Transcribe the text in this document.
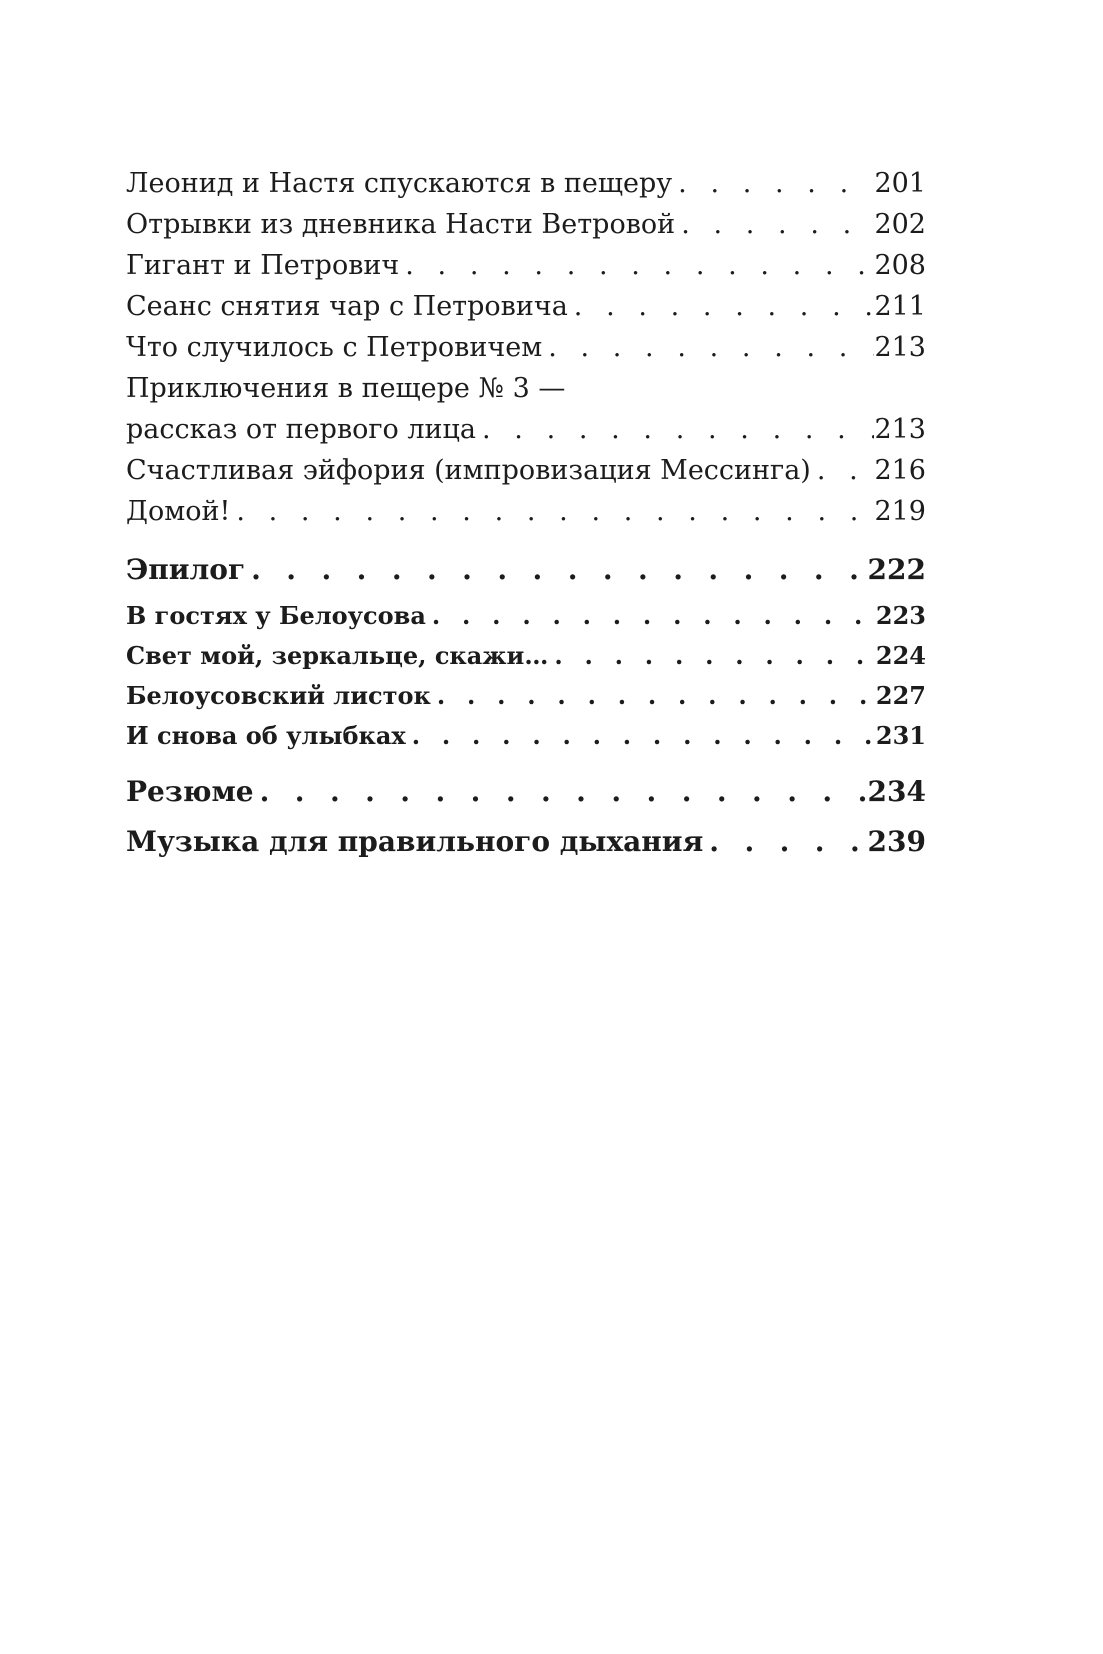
Леонид и Настя спускаются в пещеру . . .	201
Отрывки из дневника Насти Ветровой . . .	202
Гигант и Петрович . . .	208
Сеанс снятия чар с Петровича . . .	211
Что случилось с Петровичем . . .	213
Приключения в пещере № 3 —
рассказ от первого лица . . .	213
Счастливая эйфория (импровизация Мессинга) . . . 216
Домой! . . .	219
Эпилог . . .	222
В гостях у Белоусова . . .	223
Свет мой, зеркальце, скажи… . . .	224
Белоусовский листок . . .	227
И снова об улыбках . . .	231
Резюме . . .	234
Музыка для правильного дыхания . . .	239
